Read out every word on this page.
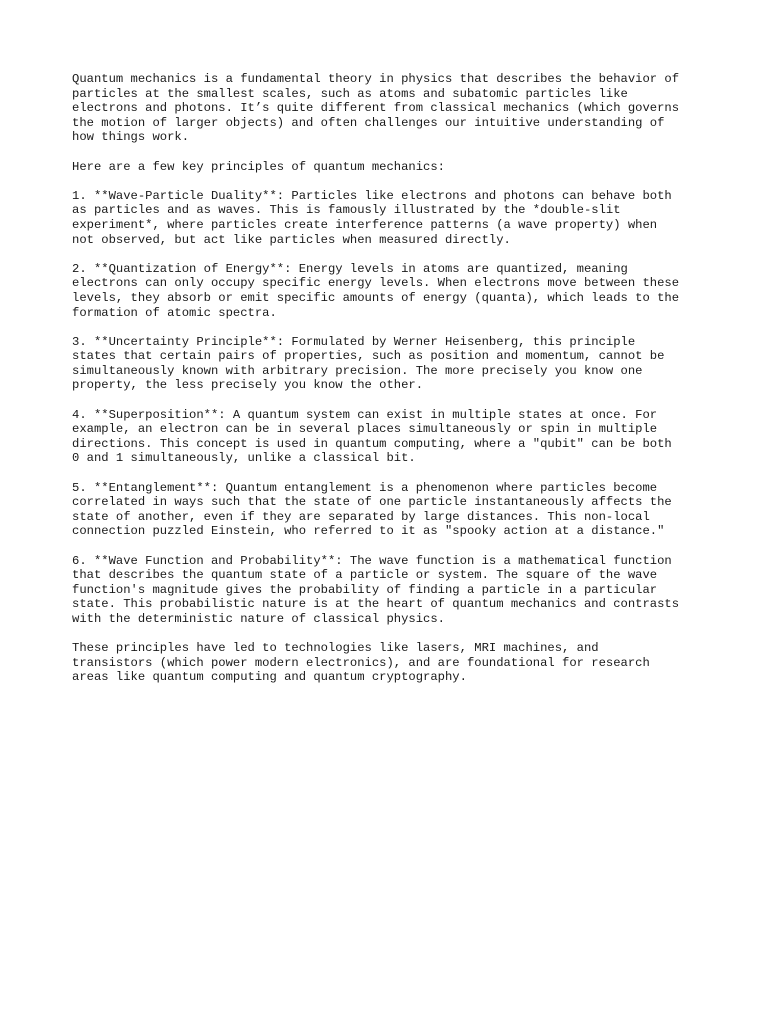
Quantum mechanics is a fundamental theory in physics that describes the behavior of
particles at the smallest scales, such as atoms and subatomic particles like
electrons and photons. It’s quite different from classical mechanics (which governs
the motion of larger objects) and often challenges our intuitive understanding of
how things work.

Here are a few key principles of quantum mechanics:

1. **Wave-Particle Duality**: Particles like electrons and photons can behave both
as particles and as waves. This is famously illustrated by the *double-slit
experiment*, where particles create interference patterns (a wave property) when
not observed, but act like particles when measured directly.

2. **Quantization of Energy**: Energy levels in atoms are quantized, meaning
electrons can only occupy specific energy levels. When electrons move between these
levels, they absorb or emit specific amounts of energy (quanta), which leads to the
formation of atomic spectra.

3. **Uncertainty Principle**: Formulated by Werner Heisenberg, this principle
states that certain pairs of properties, such as position and momentum, cannot be
simultaneously known with arbitrary precision. The more precisely you know one
property, the less precisely you know the other.

4. **Superposition**: A quantum system can exist in multiple states at once. For
example, an electron can be in several places simultaneously or spin in multiple
directions. This concept is used in quantum computing, where a "qubit" can be both
0 and 1 simultaneously, unlike a classical bit.

5. **Entanglement**: Quantum entanglement is a phenomenon where particles become
correlated in ways such that the state of one particle instantaneously affects the
state of another, even if they are separated by large distances. This non-local
connection puzzled Einstein, who referred to it as "spooky action at a distance."

6. **Wave Function and Probability**: The wave function is a mathematical function
that describes the quantum state of a particle or system. The square of the wave
function's magnitude gives the probability of finding a particle in a particular
state. This probabilistic nature is at the heart of quantum mechanics and contrasts
with the deterministic nature of classical physics.

These principles have led to technologies like lasers, MRI machines, and
transistors (which power modern electronics), and are foundational for research
areas like quantum computing and quantum cryptography.
